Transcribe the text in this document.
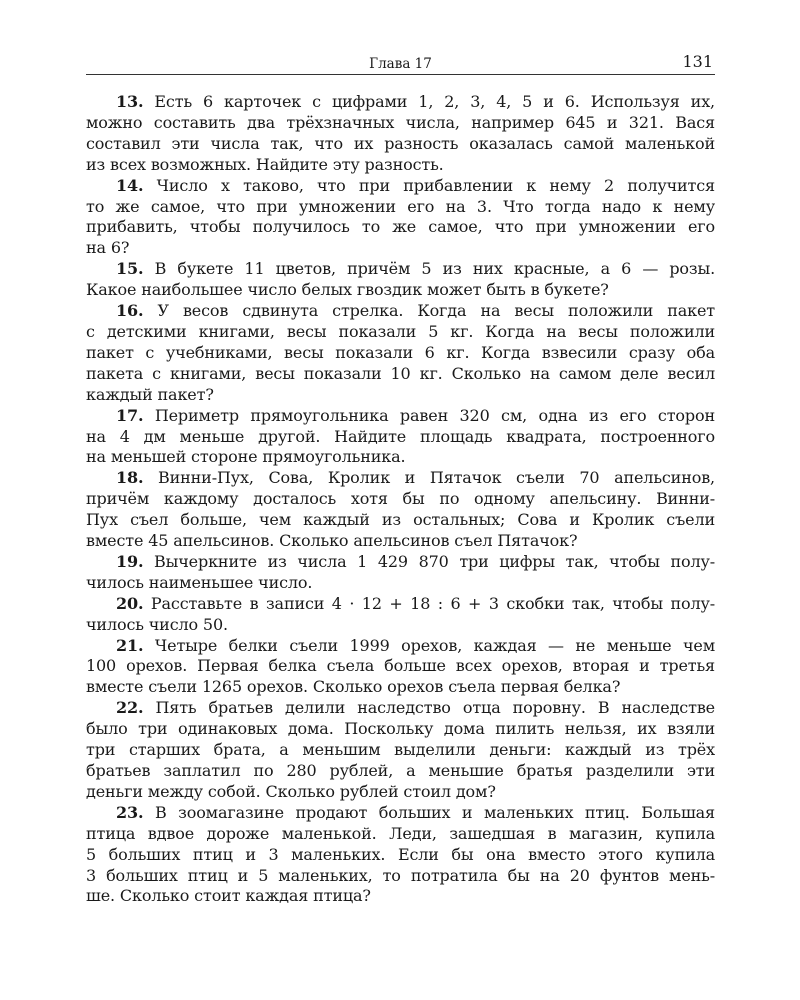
Глава 17	131
13. Есть 6 карточек с цифрами 1, 2, 3, 4, 5 и 6. Используя их,
можно составить два трёхзначных числа, например 645 и 321. Вася
составил эти числа так, что их разность оказалась самой маленькой
из всех возможных. Найдите эту разность.
14. Число x таково, что при прибавлении к нему 2 получится
то же самое, что при умножении его на 3. Что тогда надо к нему
прибавить, чтобы получилось то же самое, что при умножении его
на 6?
15. В букете 11 цветов, причём 5 из них красные, а 6 — розы.
Какое наибольшее число белых гвоздик может быть в букете?
16. У весов сдвинута стрелка. Когда на весы положили пакет
с детскими книгами, весы показали 5 кг. Когда на весы положили
пакет с учебниками, весы показали 6 кг. Когда взвесили сразу оба
пакета с книгами, весы показали 10 кг. Сколько на самом деле весил
каждый пакет?
17. Периметр прямоугольника равен 320 см, одна из его сторон
на 4 дм меньше другой. Найдите площадь квадрата, построенного
на меньшей стороне прямоугольника.
18. Винни-Пух, Сова, Кролик и Пятачок съели 70 апельсинов,
причём каждому досталось хотя бы по одному апельсину. Винни-
Пух съел больше, чем каждый из остальных; Сова и Кролик съели
вместе 45 апельсинов. Сколько апельсинов съел Пятачок?
19. Вычеркните из числа 1 429 870 три цифры так, чтобы полу-
чилось наименьшее число.
20. Расставьте в записи 4 · 12 + 18 : 6 + 3 скобки так, чтобы полу-
чилось число 50.
21. Четыре белки съели 1999 орехов, каждая — не меньше чем
100 орехов. Первая белка съела больше всех орехов, вторая и третья
вместе съели 1265 орехов. Сколько орехов съела первая белка?
22. Пять братьев делили наследство отца поровну. В наследстве
было три одинаковых дома. Поскольку дома пилить нельзя, их взяли
три старших брата, а меньшим выделили деньги: каждый из трёх
братьев заплатил по 280 рублей, а меньшие братья разделили эти
деньги между собой. Сколько рублей стоил дом?
23. В зоомагазине продают больших и маленьких птиц. Большая
птица вдвое дороже маленькой. Леди, зашедшая в магазин, купила
5 больших птиц и 3 маленьких. Если бы она вместо этого купила
3 больших птиц и 5 маленьких, то потратила бы на 20 фунтов мень-
ше. Сколько стоит каждая птица?
